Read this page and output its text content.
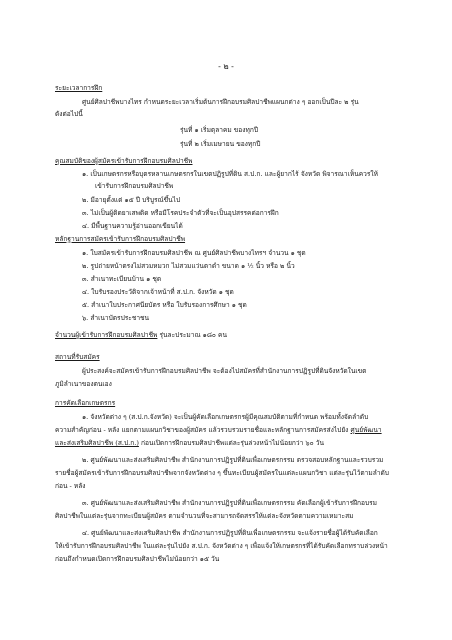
- ๒ -
ระยะเวลาการฝึก
ศูนย์ศิลปาชีพบางไทร กำหนดระยะเวลาเริ่มต้นการฝึกอบรมศิลปาชีพแผนกต่าง ๆ ออกเป็นปีละ ๒ รุ่น
ดังต่อไปนี้
รุ่นที่ ๑ เริ่มตุลาคม ของทุกปี
รุ่นที่ ๒ เริ่มเมษายน ของทุกปี
คุณสมบัติของผู้สมัครเข้ารับการฝึกอบรมศิลปาชีพ
๑. เป็นเกษตรกรหรือบุตรหลานเกษตรกรในเขตปฏิรูปที่ดิน ส.ป.ก. และผู้ยากไร้ จังหวัด พิจารณาเห็นควรให้
เข้ารับการฝึกอบรมศิลปาชีพ
๒. มีอายุตั้งแต่ ๑๕ ปี บริบูรณ์ขึ้นไป
๓. ไม่เป็นผู้ติดยาเสพติด หรือมีโรคประจำตัวที่จะเป็นอุปสรรคต่อการฝึก
๔. มีพื้นฐานความรู้อ่านออกเขียนได้
หลักฐานการสมัครเข้ารับการฝึกอบรมศิลปาชีพ
๑. ใบสมัครเข้ารับการฝึกอบรมศิลปาชีพ ณ ศูนย์ศิลปาชีพบางไทรฯ จำนวน ๑ ชุด
๒. รูปถ่ายหน้าตรงไม่สวมหมวก ไม่สวมแว่นตาดำ ขนาด ๑ ½ นิ้ว หรือ ๒ นิ้ว
๓. สำเนาทะเบียนบ้าน ๑ ชุด
๔. ใบรับรองประวัติจากเจ้าหน้าที่ ส.ป.ก. จังหวัด ๑ ชุด
๕. สำเนาใบประกาศนียบัตร หรือ ใบรับรองการศึกษา ๑ ชุด
๖. สำเนาบัตรประชาชน
จำนวนผู้เข้ารับการฝึกอบรมศิลปาชีพ รุ่นละประมาณ ๑๘๐ คน
สถานที่รับสมัคร
ผู้ประสงค์จะสมัครเข้ารับการฝึกอบรมศิลปาชีพ จะต้องไปสมัครที่สำนักงานการปฏิรูปที่ดินจังหวัดในเขต
ภูมิลำเนาของตนเอง
การคัดเลือกเกษตรกร
๑. จังหวัดต่าง ๆ (ส.ป.ก.จังหวัด) จะเป็นผู้คัดเลือกเกษตรกรผู้มีคุณสมบัติตามที่กำหนด พร้อมทั้งจัดลำดับ
ความสำคัญก่อน - หลัง แยกตามแผนกวิชาของผู้สมัคร แล้วรวบรวมรายชื่อและหลักฐานการสมัครส่งไปยัง ศูนย์พัฒนา
และส่งเสริมศิลปาชีพ (ส.ป.ก.) ก่อนเปิดการฝึกอบรมศิลปาชีพแต่ละรุ่นล่วงหน้าไม่น้อยกว่า ๖๐ วัน
๒. ศูนย์พัฒนาและส่งเสริมศิลปาชีพ สำนักงานการปฏิรูปที่ดินเพื่อเกษตรกรรม ตรวจสอบหลักฐานและรวบรวม
รายชื่อผู้สมัครเข้ารับการฝึกอบรมศิลปาชีพจากจังหวัดต่าง ๆ ขึ้นทะเบียนผู้สมัครในแต่ละแผนกวิชา แต่ละรุ่นไว้ตามลำดับ
ก่อน - หลัง
๓. ศูนย์พัฒนาและส่งเสริมศิลปาชีพ สำนักงานการปฏิรูปที่ดินเพื่อเกษตรกรรม คัดเลือกผู้เข้ารับการฝึกอบรม
ศิลปาชีพในแต่ละรุ่นจากทะเบียนผู้สมัคร ตามจำนวนที่จะสามารถจัดสรรให้แต่ละจังหวัดตามความเหมาะสม
๔. ศูนย์พัฒนาและส่งเสริมศิลปาชีพ สำนักงานการปฏิรูปที่ดินเพื่อเกษตรกรรม จะแจ้งรายชื่อผู้ได้รับคัดเลือก
ให้เข้ารับการฝึกอบรมศิลปาชีพ ในแต่ละรุ่นไปยัง ส.ป.ก. จังหวัดต่าง ๆ เพื่อแจ้งให้เกษตรกรที่ได้รับคัดเลือกทราบล่วงหน้า
ก่อนถึงกำหนดเปิดการฝึกอบรมศิลปาชีพไม่น้อยกว่า ๑๕ วัน
